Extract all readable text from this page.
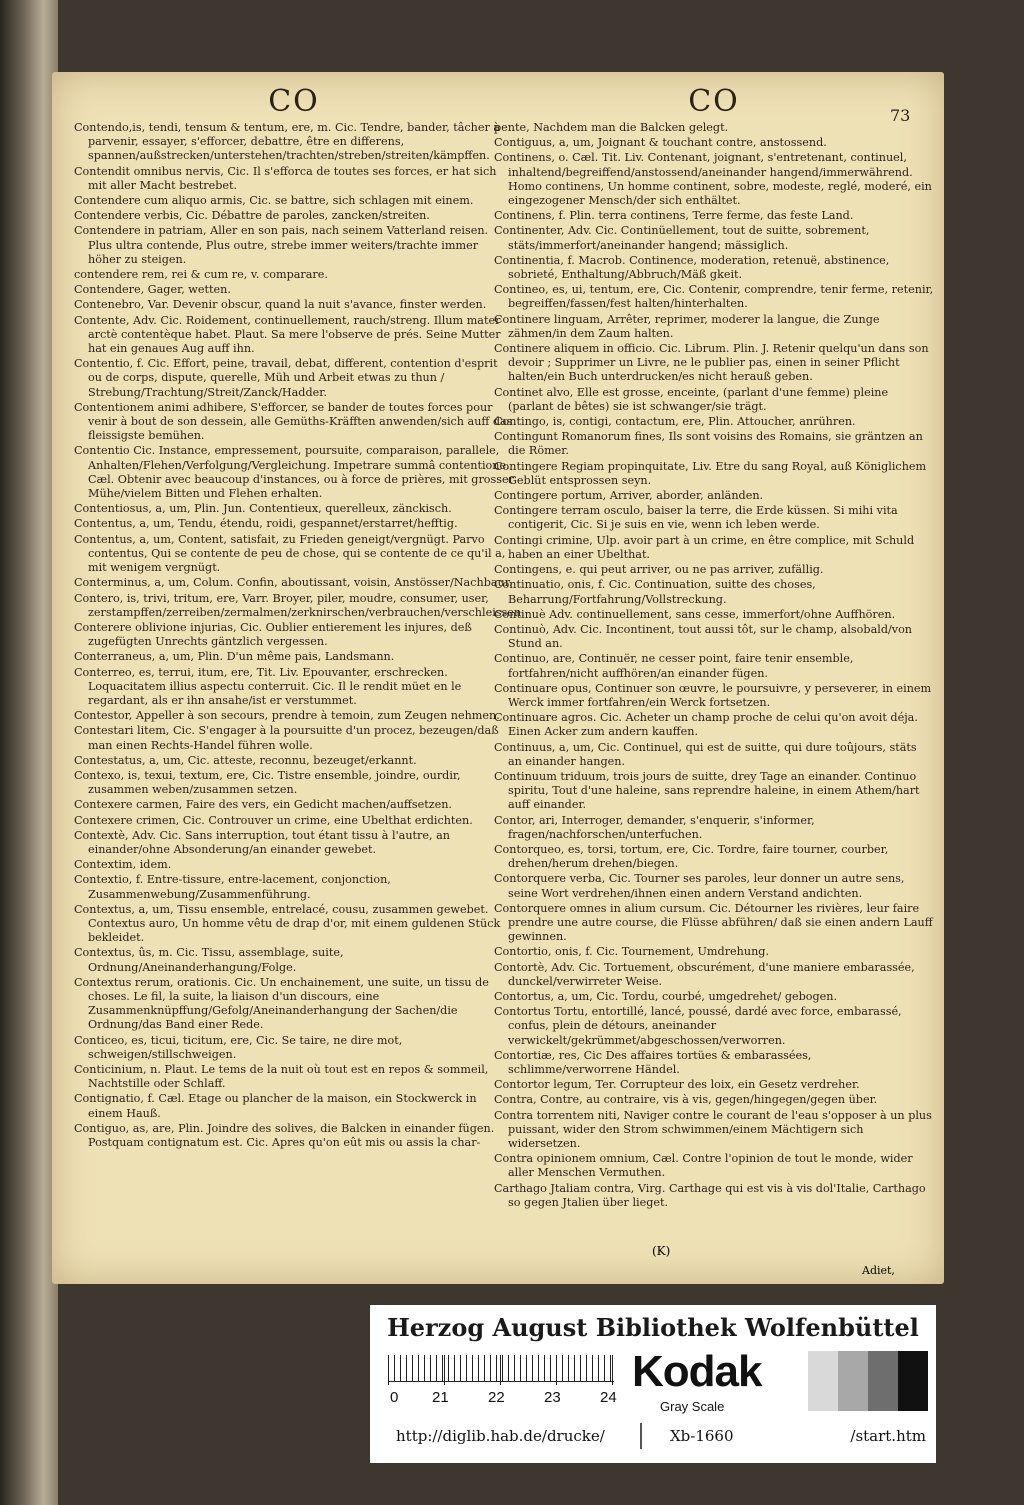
CO
Contendo,is, tendi, tensum & tentum, ere, m. Cic. Tendre, bander, tâcher à parvenir, essayer, s'efforcer, debattre, être en differens, spannen/außstrecken/unterstehen/trachten/streben/streiten/kämpffen.
Contendit omnibus nervis, Cic. Il s'efforca de toutes ses forces, er hat sich mit aller Macht bestrebet.
Contendere cum aliquo armis, Cic. se battre, sich schlagen mit einem.
Contendere verbis, Cic. Débattre de paroles, zancken/streiten.
Contendere in patriam, Aller en son pais, nach seinem Vatterland reisen. Plus ultra contende, Plus outre, strebe immer weiters/trachte immer höher zu steigen.
contendere rem, rei & cum re, v. comparare.
Contendere, Gager, wetten.
Contenebro, Var. Devenir obscur, quand la nuit s'avance, finster werden.
Contente, Adv. Cic. Roidement, continuellement, rauch/streng. Illum mater arctè contentèque habet. Plaut. Sa mere l'observe de prés. Seine Mutter hat ein genaues Aug auff ihn.
Contentio, f. Cic. Effort, peine, travail, debat, different, contention d'esprit ou de corps, dispute, querelle, Müh und Arbeit etwas zu thun / Strebung/Trachtung/Streit/Zanck/Hadder.
Contentionem animi adhibere, S'efforcer, se bander de toutes forces pour venir à bout de son dessein, alle Gemüths-Kräfften anwenden/sich auff das fleissigste bemühen.
Contentio Cic. Instance, empressement, poursuite, comparaison, parallele, Anhalten/Flehen/Verfolgung/Vergleichung. Impetrare summâ contentione. Cæl. Obtenir avec beaucoup d'instances, ou à force de prières, mit grosser Mühe/vielem Bitten und Flehen erhalten.
Contentiosus, a, um, Plin. Jun. Contentieux, querelleux, zänckisch.
Contentus, a, um, Tendu, étendu, roidi, gespannet/erstarret/hefftig.
Contentus, a, um, Content, satisfait, zu Frieden geneigt/vergnügt. Parvo contentus, Qui se contente de peu de chose, qui se contente de ce qu'il a, mit wenigem vergnügt.
Conterminus, a, um, Colum. Confin, aboutissant, voisin, Anstösser/Nachbaur.
Contero, is, trivi, tritum, ere, Varr. Broyer, piler, moudre, consumer, user, zerstampffen/zerreiben/zermalmen/zerknirschen/verbrauchen/verschleissen.
Conterere oblivione injurias, Cic. Oublier entierement les injures, deß zugefügten Unrechts gäntzlich vergessen.
Conterraneus, a, um, Plin. D'un même pais, Landsmann.
Conterreo, es, terrui, itum, ere, Tit. Liv. Epouvanter, erschrecken. Loquacitatem illius aspectu conterruit. Cic. Il le rendit müet en le regardant, als er ihn ansahe/ist er verstummet.
Contestor, Appeller à son secours, prendre à temoin, zum Zeugen nehmen.
Contestari litem, Cic. S'engager à la poursuitte d'un procez, bezeugen/daß man einen Rechts-Handel führen wolle.
Contestatus, a, um, Cic. atteste, reconnu, bezeuget/erkannt.
Contexo, is, texui, textum, ere, Cic. Tistre ensemble, joindre, ourdir, zusammen weben/zusammen setzen.
Contexere carmen, Faire des vers, ein Gedicht machen/auffsetzen.
Contexere crimen, Cic. Controuver un crime, eine Ubelthat erdichten.
Contextè, Adv. Cic. Sans interruption, tout étant tissu à l'autre, an einander/ohne Absonderung/an einander gewebet.
Contextim, idem.
Contextio, f. Entre-tissure, entre-lacement, conjonction, Zusammenwebung/Zusammenführung.
Contextus, a, um, Tissu ensemble, entrelacé, cousu, zusammen gewebet. Contextus auro, Un homme vêtu de drap d'or, mit einem guldenen Stück bekleidet.
Contextus, ûs, m. Cic. Tissu, assemblage, suite, Ordnung/Aneinanderhangung/Folge.
Contextus rerum, orationis. Cic. Un enchainement, une suite, un tissu de choses. Le fil, la suite, la liaison d'un discours, eine Zusammenknüpffung/Gefolg/Aneinanderhangung der Sachen/die Ordnung/das Band einer Rede.
Conticeo, es, ticui, ticitum, ere, Cic. Se taire, ne dire mot, schweigen/stillschweigen.
Conticinium, n. Plaut. Le tems de la nuit où tout est en repos & sommeil, Nachtstille oder Schlaff.
Contignatio, f. Cæl. Etage ou plancher de la maison, ein Stockwerck in einem Hauß.
Contiguo, as, are, Plin. Joindre des solives, die Balcken in einander fügen. Postquam contignatum est. Cic. Apres qu'on eût mis ou assis la char-
CO
pente, Nachdem man die Balcken gelegt.
Contiguus, a, um, Joignant & touchant contre, anstossend.
Continens, o. Cæl. Tit. Liv. Contenant, joignant, s'entretenant, continuel, inhaltend/begreiffend/anstossend/aneinander hangend/immerwährend. Homo continens, Un homme continent, sobre, modeste, reglé, moderé, ein eingezogener Mensch/der sich enthältet.
Continens, f. Plin. terra continens, Terre ferme, das feste Land.
Continenter, Adv. Cic. Continüellement, tout de suitte, sobrement, stäts/immerfort/aneinander hangend; mässiglich.
Continentia, f. Macrob. Continence, moderation, retenuë, abstinence, sobrieté, Enthaltung/Abbruch/Mäß gkeit.
Contineo, es, ui, tentum, ere, Cic. Contenir, comprendre, tenir ferme, retenir, begreiffen/fassen/fest halten/hinterhalten.
Continere linguam, Arrêter, reprimer, moderer la langue, die Zunge zähmen/in dem Zaum halten.
Continere aliquem in officio. Cic. Librum. Plin. J. Retenir quelqu'un dans son devoir ; Supprimer un Livre, ne le publier pas, einen in seiner Pflicht halten/ein Buch unterdrucken/es nicht herauß geben.
Continet alvo, Elle est grosse, enceinte, (parlant d'une femme) pleine (parlant de bêtes) sie ist schwanger/sie trägt.
Contingo, is, contigi, contactum, ere, Plin. Attoucher, anrühren.
Contingunt Romanorum fines, Ils sont voisins des Romains, sie gräntzen an die Römer.
Contingere Regiam propinquitate, Liv. Etre du sang Royal, auß Königlichem Geblüt entsprossen seyn.
Contingere portum, Arriver, aborder, anländen.
Contingere terram osculo, baiser la terre, die Erde küssen. Si mihi vita contigerit, Cic. Si je suis en vie, wenn ich leben werde.
Contingi crimine, Ulp. avoir part à un crime, en être complice, mit Schuld haben an einer Ubelthat.
Contingens, e. qui peut arriver, ou ne pas arriver, zufällig.
Continuatio, onis, f. Cic. Continuation, suitte des choses, Beharrung/Fortfahrung/Vollstreckung.
Continuè Adv. continuellement, sans cesse, immerfort/ohne Auffhören.
Continuò, Adv. Cic. Incontinent, tout aussi tôt, sur le champ, alsobald/von Stund an.
Continuo, are, Continuër, ne cesser point, faire tenir ensemble, fortfahren/nicht auffhören/an einander fügen.
Continuare opus, Continuer son œuvre, le poursuivre, y perseverer, in einem Werck immer fortfahren/ein Werck fortsetzen.
Continuare agros. Cic. Acheter un champ proche de celui qu'on avoit déja. Einen Acker zum andern kauffen.
Continuus, a, um, Cic. Continuel, qui est de suitte, qui dure toûjours, stäts an einander hangen.
Continuum triduum, trois jours de suitte, drey Tage an einander. Continuo spiritu, Tout d'une haleine, sans reprendre haleine, in einem Athem/hart auff einander.
Contor, ari, Interroger, demander, s'enquerir, s'informer, fragen/nachforschen/unterfuchen.
Contorqueo, es, torsi, tortum, ere, Cic. Tordre, faire tourner, courber, drehen/herum drehen/biegen.
Contorquere verba, Cic. Tourner ses paroles, leur donner un autre sens, seine Wort verdrehen/ihnen einen andern Verstand andichten.
Contorquere omnes in alium cursum. Cic. Détourner les rivières, leur faire prendre une autre course, die Flüsse abführen/ daß sie einen andern Lauff gewinnen.
Contortio, onis, f. Cic. Tournement, Umdrehung.
Contortè, Adv. Cic. Tortuement, obscurément, d'une maniere embarassée, dunckel/verwirreter Weise.
Contortus, a, um, Cic. Tordu, courbé, umgedrehet/ gebogen.
Contortus Tortu, entortillé, lancé, poussé, dardé avec force, embarassé, confus, plein de détours, aneinander verwickelt/gekrümmet/abgeschossen/verworren.
Contortiæ, res, Cic Des affaires tortües & embarassées, schlimme/verworrene Händel.
Contortor legum, Ter. Corrupteur des loix, ein Gesetz verdreher.
Contra, Contre, au contraire, vis à vis, gegen/hingegen/gegen über.
Contra torrentem niti, Naviger contre le courant de l'eau s'opposer à un plus puissant, wider den Strom schwimmen/einem Mächtigern sich widersetzen.
Contra opinionem omnium, Cæl. Contre l'opinion de tout le monde, wider aller Menschen Vermuthen.
Carthago Jtaliam contra, Virg. Carthage qui est vis à vis dol'Italie, Carthago so gegen Jtalien über lieget.
73
(K)
Adiet,
Herzog August Bibliothek Wolfenbüttel
0 21	22	23	24
Kodak
Gray Scale
http://diglib.hab.de/drucke/	Xb-1660	/start.htm
